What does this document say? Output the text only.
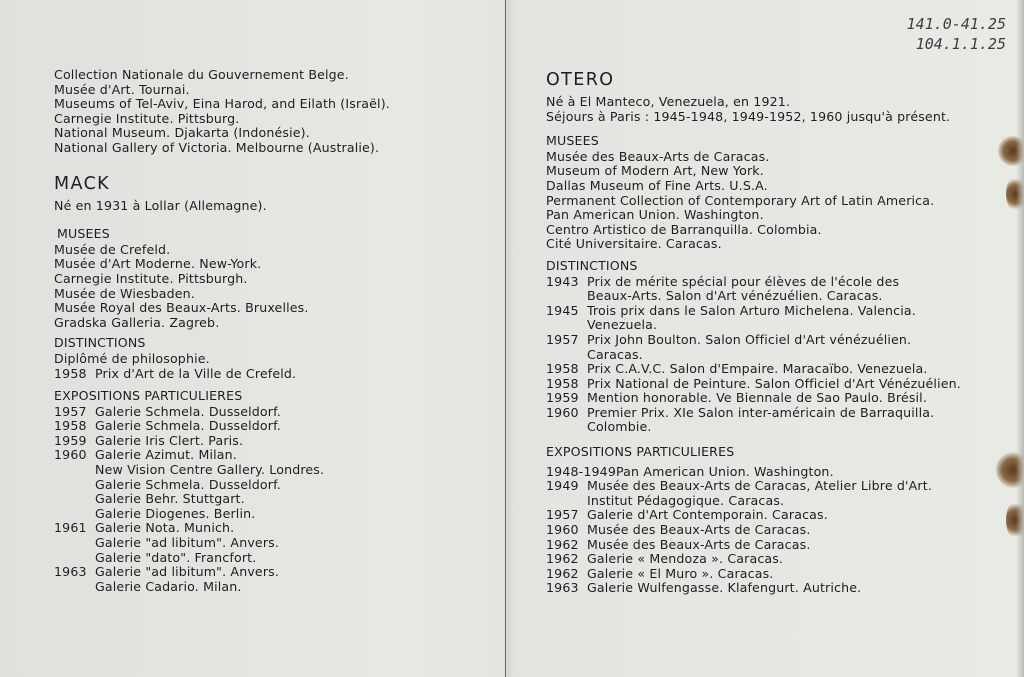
Collection Nationale du Gouvernement Belge.
Musée d'Art. Tournai.
Museums of Tel-Aviv, Eina Harod, and Eilath (Israël).
Carnegie Institute. Pittsburg.
National Museum. Djakarta (Indonésie).
National Gallery of Victoria. Melbourne (Australie).
MACK
Né en 1931 à Lollar (Allemagne).
MUSEES
Musée de Crefeld.
Musée d'Art Moderne. New-York.
Carnegie Institute. Pittsburgh.
Musée de Wiesbaden.
Musée Royal des Beaux-Arts. Bruxelles.
Gradska Galleria. Zagreb.
DISTINCTIONS
Diplômé de philosophie.
1958 Prix d'Art de la Ville de Crefeld.
EXPOSITIONS PARTICULIERES
1957 Galerie Schmela. Dusseldorf.
1958 Galerie Schmela. Dusseldorf.
1959 Galerie Iris Clert. Paris.
1960 Galerie Azimut. Milan.
New Vision Centre Gallery. Londres.
Galerie Schmela. Dusseldorf.
Galerie Behr. Stuttgart.
Galerie Diogenes. Berlin.
1961 Galerie Nota. Munich.
Galerie "ad libitum". Anvers.
Galerie "dato". Francfort.
1963 Galerie "ad libitum". Anvers.
Galerie Cadario. Milan.
141.0-41.25
104.1.1.25
OTERO
Né à El Manteco, Venezuela, en 1921.
Séjours à Paris : 1945-1948, 1949-1952, 1960 jusqu'à présent.
MUSEES
Musée des Beaux-Arts de Caracas.
Museum of Modern Art, New York.
Dallas Museum of Fine Arts. U.S.A.
Permanent Collection of Contemporary Art of Latin America.
Pan American Union. Washington.
Centro Artistico de Barranquilla. Colombia.
Cité Universitaire. Caracas.
DISTINCTIONS
1943 Prix de mérite spécial pour élèves de l'école des
Beaux-Arts. Salon d'Art vénézuélien. Caracas.
1945 Trois prix dans le Salon Arturo Michelena. Valencia.
Venezuela.
1957 Prix John Boulton. Salon Officiel d'Art vénézuélien.
Caracas.
1958 Prix C.A.V.C. Salon d'Empaire. Maracaïbo. Venezuela.
1958 Prix National de Peinture. Salon Officiel d'Art Vénézuélien.
1959 Mention honorable. Ve Biennale de Sao Paulo. Brésil.
1960 Premier Prix. XIe Salon inter-américain de Barraquilla.
Colombie.
EXPOSITIONS PARTICULIERES
1948-1949 Pan American Union. Washington.
1949 Musée des Beaux-Arts de Caracas, Atelier Libre d'Art.
Institut Pédagogique. Caracas.
1957 Galerie d'Art Contemporain. Caracas.
1960 Musée des Beaux-Arts de Caracas.
1962 Musée des Beaux-Arts de Caracas.
1962 Galerie « Mendoza ». Caracas.
1962 Galerie « El Muro ». Caracas.
1963 Galerie Wulfengasse. Klafengurt. Autriche.
